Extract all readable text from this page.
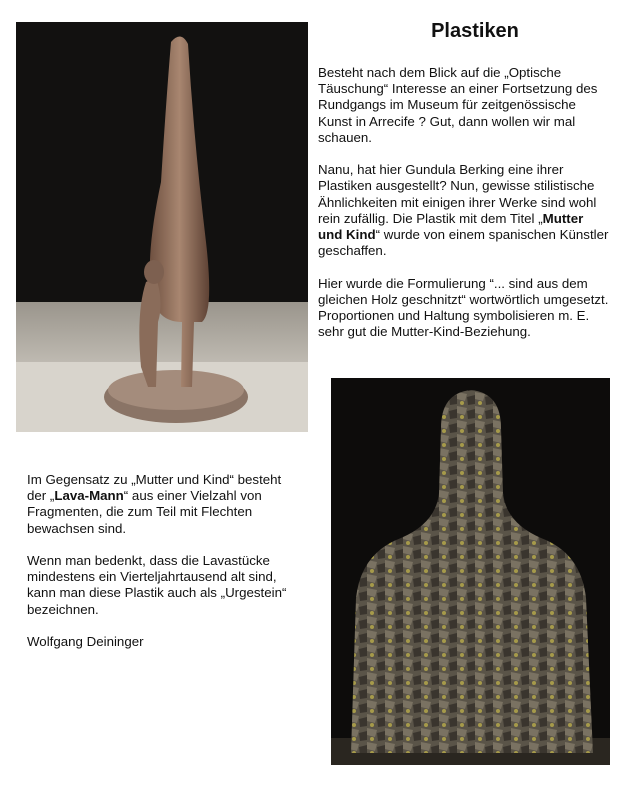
Plastiken
Besteht nach dem Blick auf die „Optische
Täuschung“ Interesse an einer Fortsetzung des
Rundgangs im Museum für zeitgenössische
Kunst in Arrecife ? Gut, dann wollen wir mal
schauen.
Nanu, hat hier Gundula Berking eine ihrer
Plastiken ausgestellt? Nun, gewisse stilistische
Ähnlichkeiten mit einigen ihrer Werke sind wohl
rein zufällig. Die Plastik mit dem Titel „Mutter
und Kind“ wurde von einem spanischen Künstler
geschaffen.
Hier wurde die Formulierung “... sind aus dem
gleichen Holz geschnitzt“ wortwörtlich umgesetzt.
Proportionen und Haltung symbolisieren m. E.
sehr gut die Mutter-Kind-Beziehung.
Im Gegensatz zu „Mutter und Kind“ besteht
der „Lava-Mann“ aus einer Vielzahl von
Fragmenten, die zum Teil mit Flechten
bewachsen sind.
Wenn man bedenkt, dass die Lavastücke
mindestens ein Vierteljahrtausend alt sind,
kann man diese Plastik auch als „Urgestein“
bezeichnen.
Wolfgang Deininger
